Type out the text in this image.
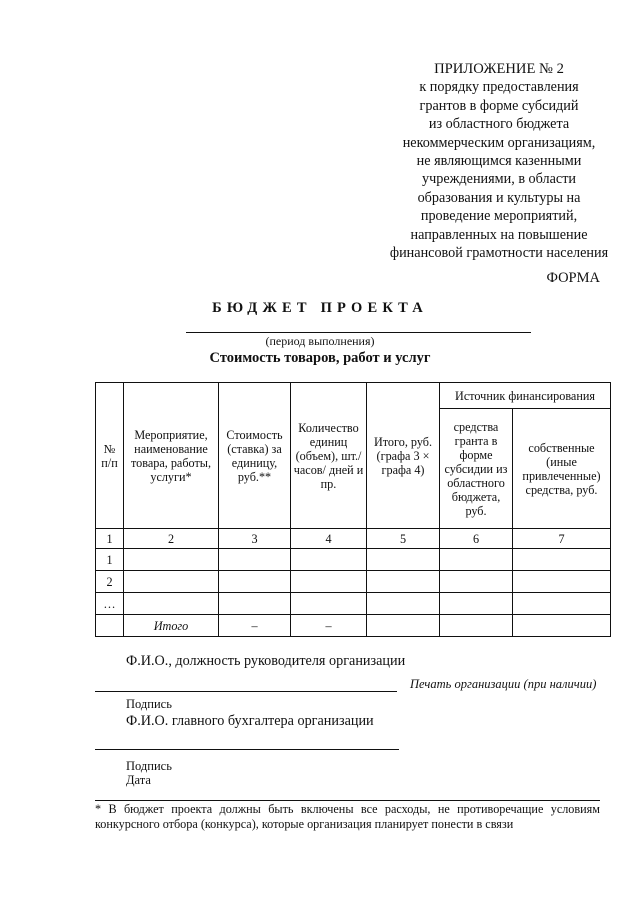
ПРИЛОЖЕНИЕ № 2
к порядку предоставления
грантов в форме субсидий
из областного бюджета
некоммерческим организациям,
не являющимся казенными
учреждениями, в области
образования и культуры на
проведение мероприятий,
направленных на повышение
финансовой грамотности населения
ФОРМА
БЮДЖЕТ ПРОЕКТА
(период выполнения)
Стоимость товаров, работ и услуг
№ п/п	Мероприятие, наименование товара, работы, услуги*	Стоимость (ставка) за единицу, руб.**	Количество единиц (объем), шт./часов/ дней и пр.	Итого, руб. (графа 3 × графа 4)	Источник финансирования	
					средства гранта в форме субсидии из областного бюджета, руб.	собственные (иные привлеченные) средства, руб.
1	2	3	4	5	6	7
1						
2						
…						
	Итого	–	–			
Ф.И.О., должность руководителя организации
Печать организации (при наличии)
Подпись
Ф.И.О. главного бухгалтера организации
Подпись
Дата
* В бюджет проекта должны быть включены все расходы, не противоречащие условиям конкурсного отбора (конкурса), которые организация планирует понести в связи
